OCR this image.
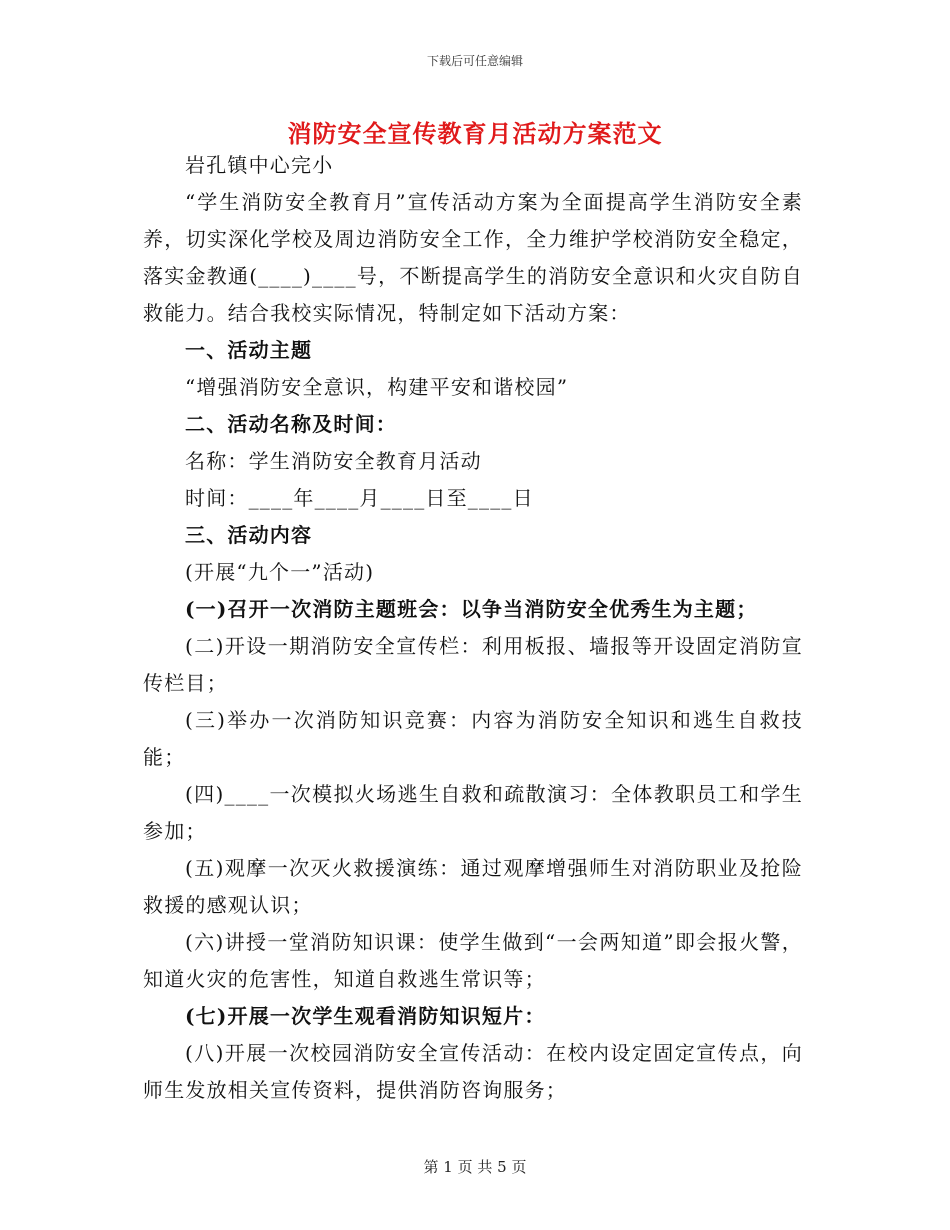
下载后可任意编辑
消防安全宣传教育月活动方案范文

岩孔镇中心完小

“学生消防安全教育月”宣传活动方案为全面提高学生消防安全素养，切实深化学校及周边消防安全工作，全力维护学校消防安全稳定，落实金教通(____)____号，不断提高学生的消防安全意识和火灾自防自救能力。结合我校实际情况，特制定如下活动方案：

一、活动主题

“增强消防安全意识，构建平安和谐校园”

二、活动名称及时间：

名称：学生消防安全教育月活动

时间：____年____月____日至____日

三、活动内容

(开展“九个一”活动)

(一)召开一次消防主题班会：以争当消防安全优秀生为主题；

(二)开设一期消防安全宣传栏：利用板报、墙报等开设固定消防宣传栏目；

(三)举办一次消防知识竞赛：内容为消防安全知识和逃生自救技能；

(四)____一次模拟火场逃生自救和疏散演习：全体教职员工和学生参加；

(五)观摩一次灭火救援演练：通过观摩增强师生对消防职业及抢险救援的感观认识；

(六)讲授一堂消防知识课：使学生做到“一会两知道”即会报火警，知道火灾的危害性，知道自救逃生常识等；

(七)开展一次学生观看消防知识短片：

(八)开展一次校园消防安全宣传活动：在校内设定固定宣传点，向师生发放相关宣传资料，提供消防咨询服务；

第 1 页 共 5 页
